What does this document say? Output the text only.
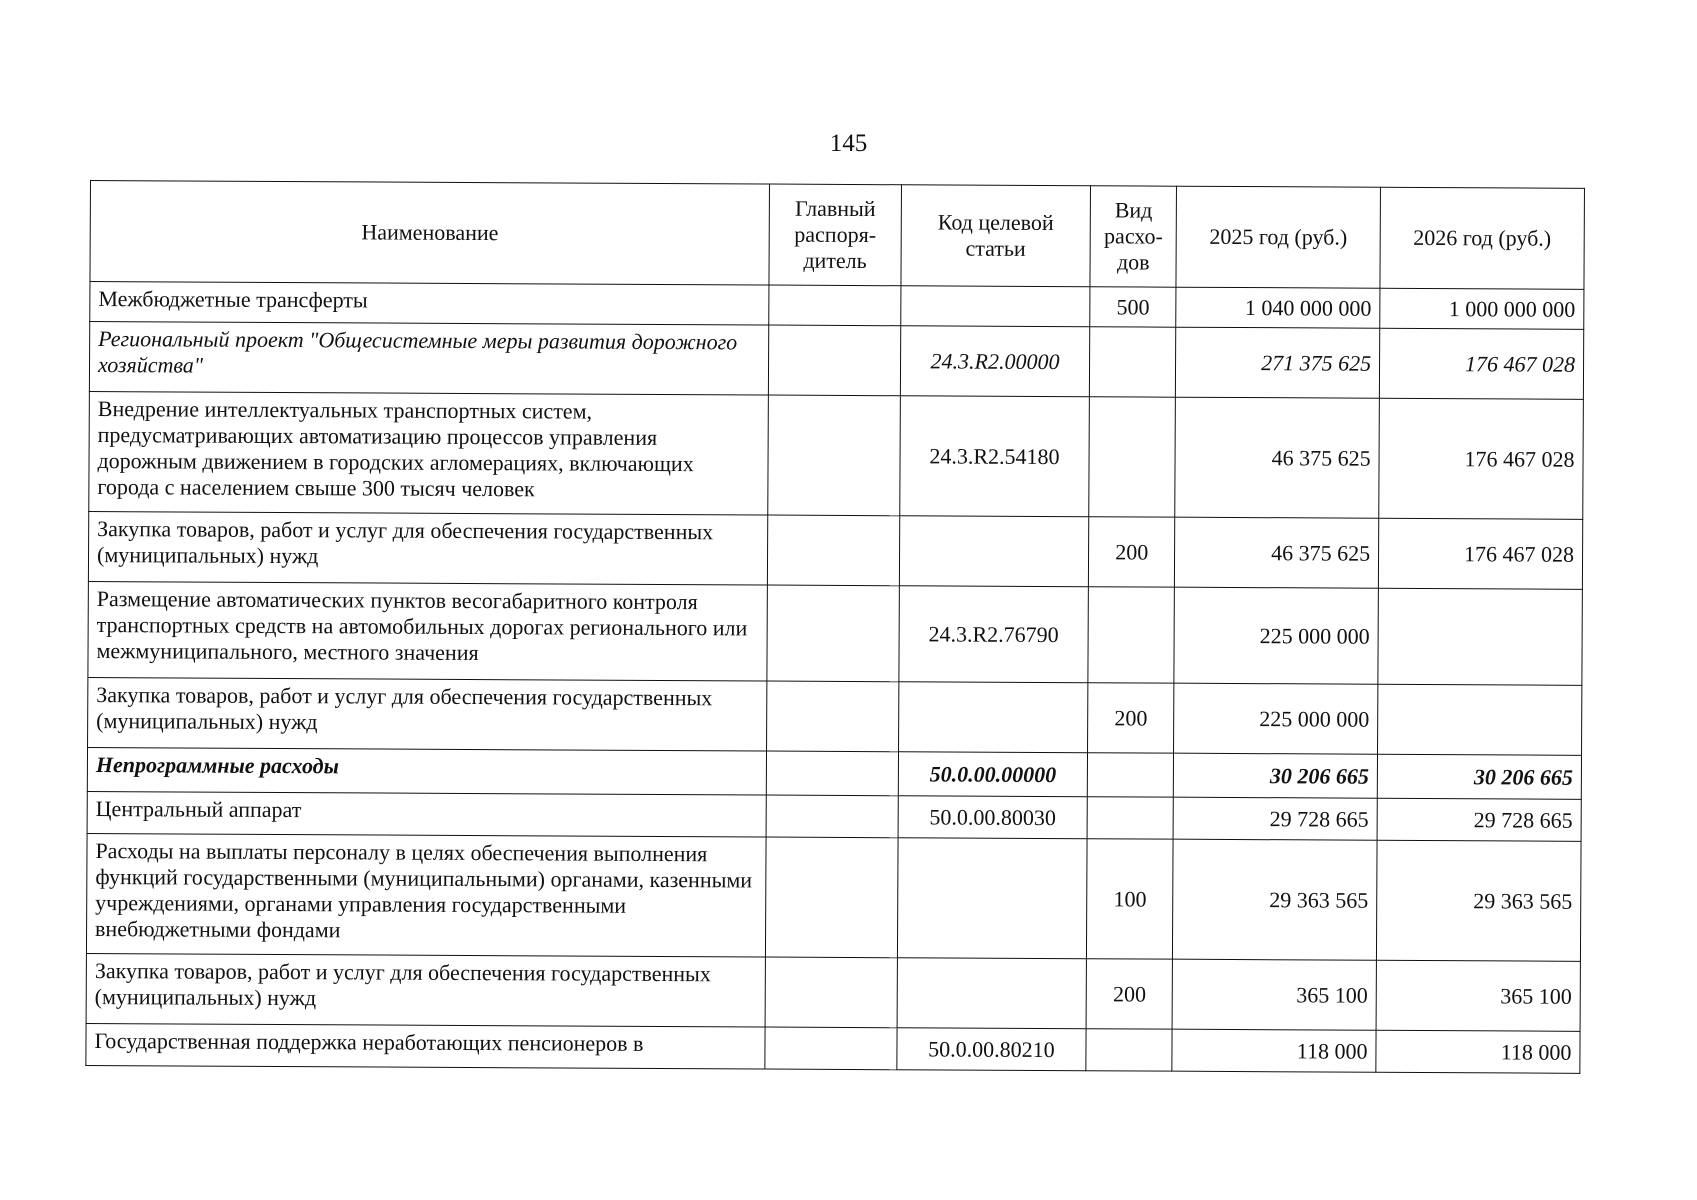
145
Наименование	Главный распоря-дитель	Код целевой статьи	Вид расхо-дов	2025 год (руб.)	2026 год (руб.)
Межбюджетные трансферты			500	1 040 000 000	1 000 000 000
Региональный проект "Общесистемные меры развития дорожного хозяйства"		24.3.R2.00000		271 375 625	176 467 028
Внедрение интеллектуальных транспортных систем, предусматривающих автоматизацию процессов управления дорожным движением в городских агломерациях, включающих города с населением свыше 300 тысяч человек		24.3.R2.54180		46 375 625	176 467 028
Закупка товаров, работ и услуг для обеспечения государственных (муниципальных) нужд			200	46 375 625	176 467 028
Размещение автоматических пунктов весогабаритного контроля транспортных средств на автомобильных дорогах регионального или межмуниципального, местного значения		24.3.R2.76790		225 000 000	
Закупка товаров, работ и услуг для обеспечения государственных (муниципальных) нужд			200	225 000 000	
Непрограммные расходы		50.0.00.00000		30 206 665	30 206 665
Центральный аппарат		50.0.00.80030		29 728 665	29 728 665
Расходы на выплаты персоналу в целях обеспечения выполнения функций государственными (муниципальными) органами, казенными учреждениями, органами управления государственными внебюджетными фондами			100	29 363 565	29 363 565
Закупка товаров, работ и услуг для обеспечения государственных (муниципальных) нужд			200	365 100	365 100
Государственная поддержка неработающих пенсионеров в		50.0.00.80210		118 000	118 000
